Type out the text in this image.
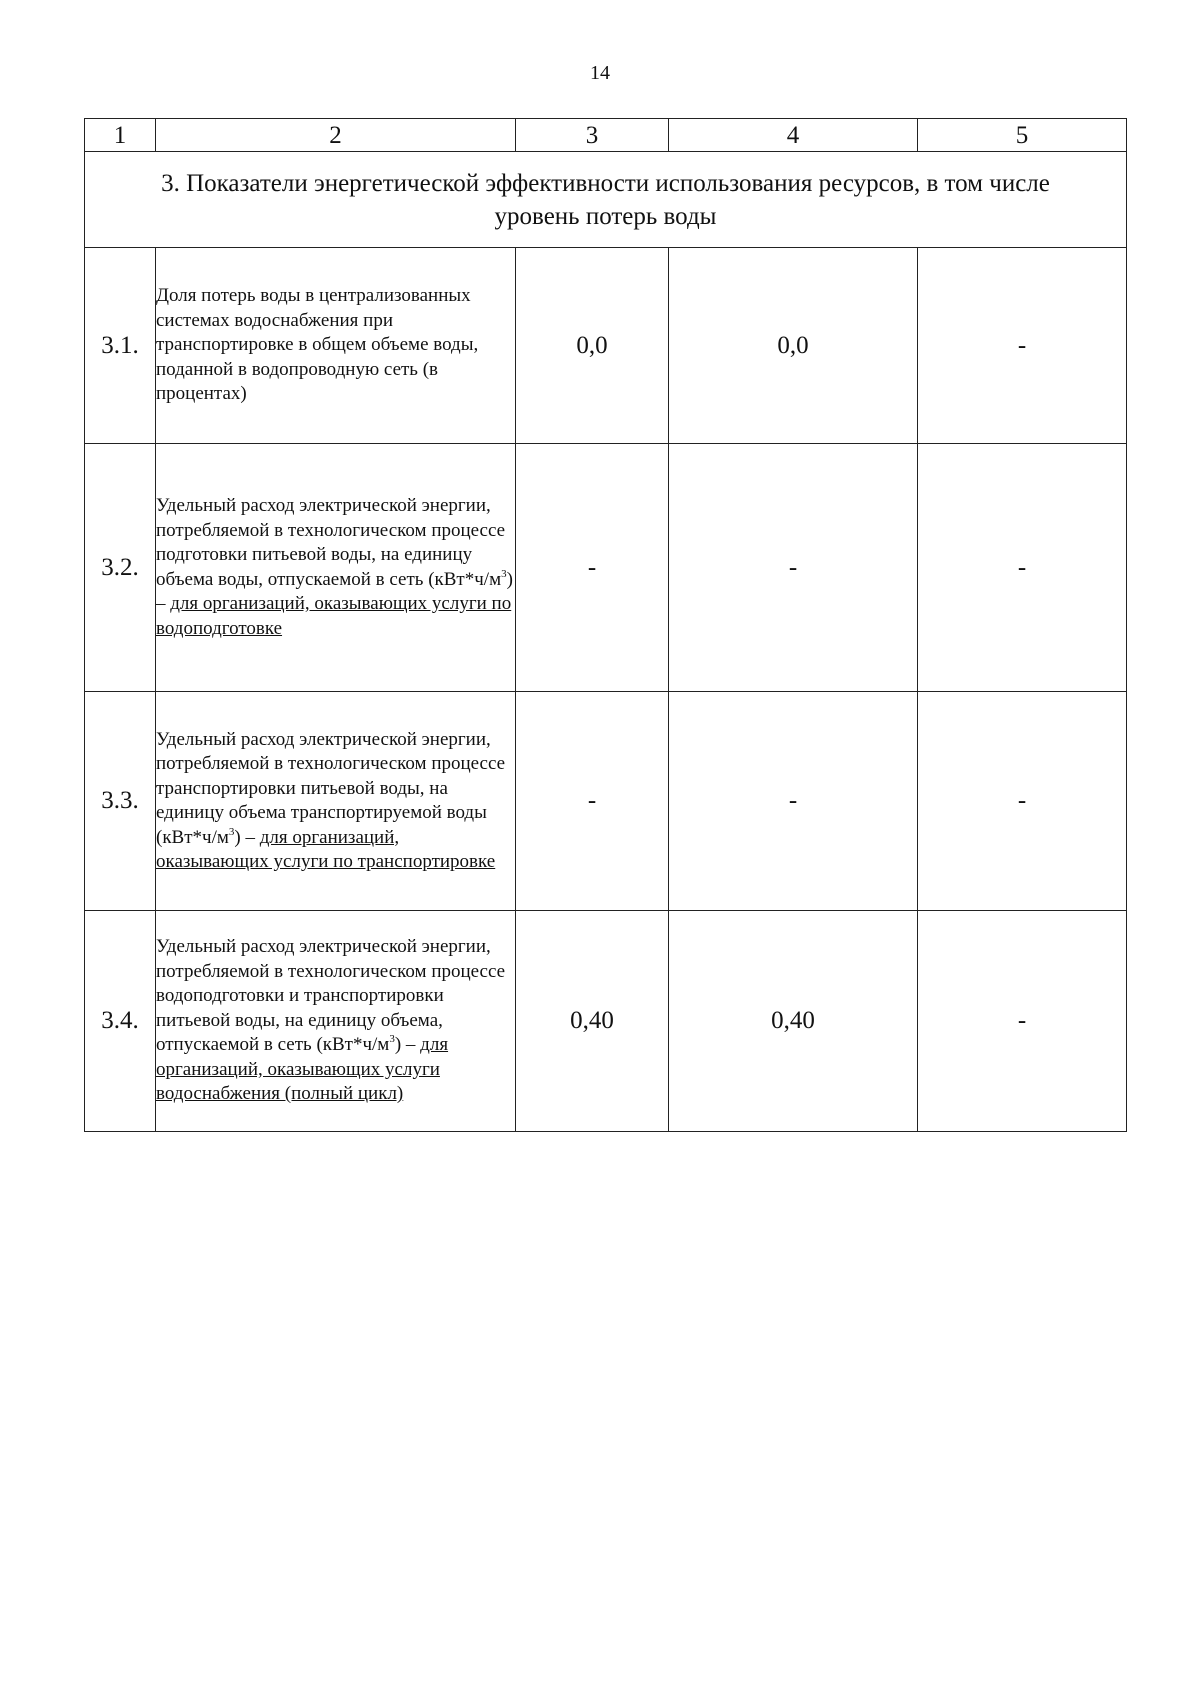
14
1	2	3	4	5
3. Показатели энергетической эффективности использования ресурсов, в том числе уровень потерь воды				
3.1.	Доля потерь воды в централизованных системах водоснабжения при транспортировке в общем объеме воды, поданной в водопроводную сеть (в процентах)	0,0	0,0	-
3.2.	Удельный расход электрической энергии, потребляемой в технологическом процессе подготовки питьевой воды, на единицу объема воды, отпускаемой в сеть $(кВт*ч/м^3)$ – для организаций, оказывающих услуги по водоподготовке	-	-	-
3.3.	Удельный расход электрической энергии, потребляемой в технологическом процессе транспортировки питьевой воды, на единицу объема транспортируемой воды $(кВт*ч/м^3)$ – для организаций, оказывающих услуги по транспортировке	-	-	-
3.4.	Удельный расход электрической энергии, потребляемой в технологическом процессе водоподготовки и транспортировки питьевой воды, на единицу объема, отпускаемой в сеть $(кВт*ч/м^3)$ – для организаций, оказывающих услуги водоснабжения (полный цикл)	0,40	0,40	-
